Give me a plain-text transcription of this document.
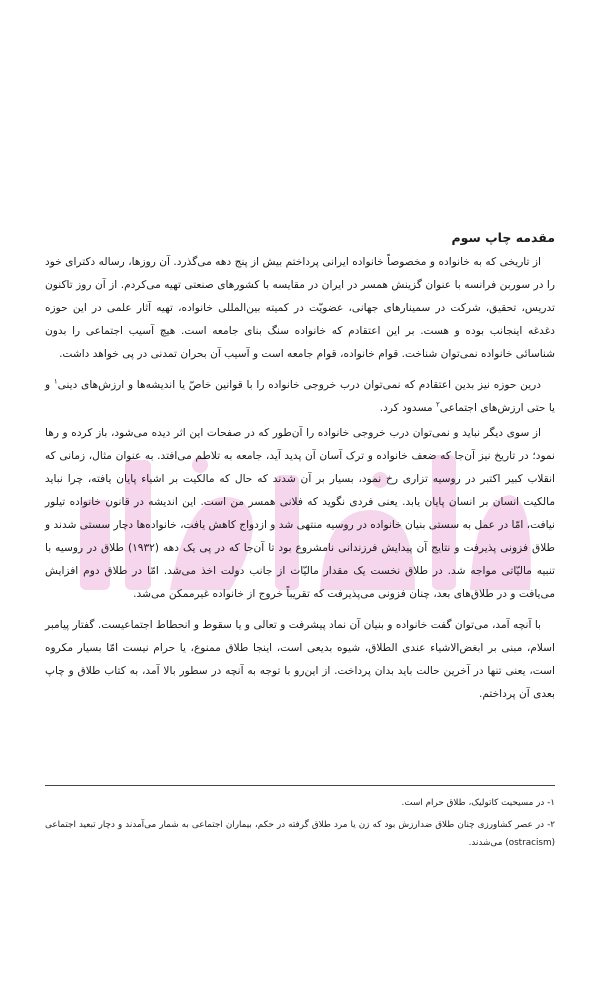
مقدمه چاپ سوم

از تاریخی که به خانواده و مخصوصاً خانواده ایرانی پرداختم بیش از پنج دهه می‌گذرد. آن روزها، رساله دکترای خود را در سوربن فرانسه با عنوان گزینش همسر در ایران در مقایسه با کشورهای صنعتی تهیه می‌کردم. از آن روز تاکنون تدریس، تحقیق، شرکت در سمینارهای جهانی، عضویّت در کمیته بین‌المللی خانواده، تهیه آثار علمی در این حوزه دغدغه اینجانب بوده و هست. بر این اعتقادم که خانواده سنگ بنای جامعه است. هیچ آسیب اجتماعی را بدون شناسائی خانواده نمی‌توان شناخت. قوام خانواده، قوام جامعه است و آسیب آن بحران تمدنی در پی خواهد داشت.

درین حوزه نیز بدین اعتقادم که نمی‌توان درب خروجی خانواده را با قوانین خاصّ یا اندیشه‌ها و ارزش‌های دینی$^۱$ و یا حتی ارزش‌های اجتماعی$^۲$ مسدود کرد.

از سوی دیگر نباید و نمی‌توان درب خروجی خانواده را آن‌طور که در صفحات این اثر دیده می‌شود، باز کرده و رها نمود؛ در تاریخ نیز آن‌جا که ضعف خانواده و ترک آسان آن پدید آید، جامعه به تلاطم می‌افتد. به عنوان مثال، زمانی که انقلاب کبیر اکتبر در روسیه تزاری رخ نمود، بسیار بر آن شدند که حال که مالکیت بر اشیاء پایان یافته، چرا نباید مالکیت انسان بر انسان پایان یابد. یعنی فردی نگوید که فلانی همسر من است. این اندیشه در قانون خانواده تیلور نیافت، امّا در عمل به سستی بنیان خانواده در روسیه منتهی شد و ازدواج کاهش یافت، خانواده‌ها دچار سستی شدند و طلاق فزونی پذیرفت و نتایج آن پیدایش فرزندانی نامشروع بود تا آن‌جا که در پی یک دهه (۱۹۳۲) طلاق در روسیه با تنبیه مالیّاتی مواجه شد. در طلاق نخست یک مقدار مالیّات از جانب دولت اخذ می‌شد. امّا در طلاق دوم افزایش می‌یافت و در طلاق‌های بعد، چنان فزونی می‌پذیرفت که تقریباً خروج از خانواده غیرممکن می‌شد.

با آنچه آمد، می‌توان گفت خانواده و بنیان آن نماد پیشرفت و تعالی و یا سقوط و انحطاط اجتماعیست. گفتار پیامبر اسلام، مبنی بر ابغض‌الاشیاء عندی الطلاق، شیوه بدیعی است، اینجا طلاق ممنوع، یا حرام نیست امّا بسیار مکروه است، یعنی تنها در آخرین حالت باید بدان پرداخت. از این‌رو با توجه به آنچه در سطور بالا آمد، به کتاب طلاق و چاپ بعدی آن پرداختم.

۱- در مسیحیت کاتولیک، طلاق حرام است.

۲- در عصر کشاورزی چنان طلاق ضدارزش بود که زن یا مرد طلاق گرفته در حکم، بیماران اجتماعی به شمار می‌آمدند و دچار تبعید اجتماعی (ostracism) می‌شدند.
